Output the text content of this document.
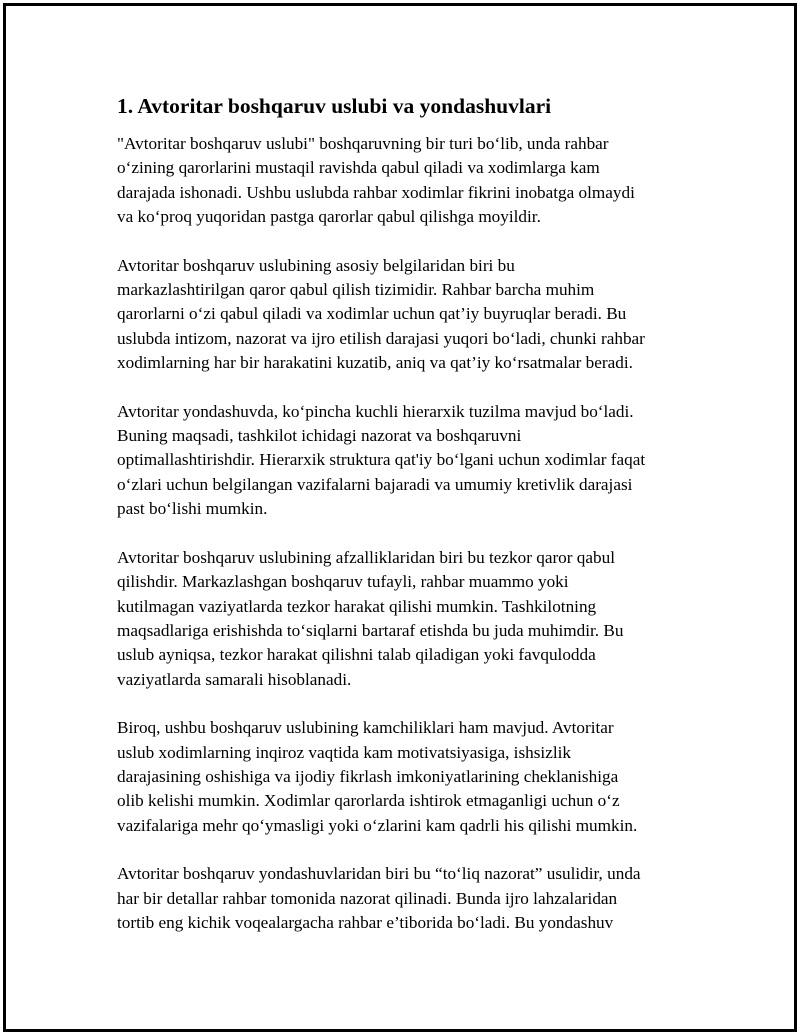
1. Avtoritar boshqaruv uslubi va yondashuvlari
"Avtoritar boshqaruv uslubi" boshqaruvning bir turi bo‘lib, unda rahbar
o‘zining qarorlarini mustaqil ravishda qabul qiladi va xodimlarga kam
darajada ishonadi. Ushbu uslubda rahbar xodimlar fikrini inobatga olmaydi
va ko‘proq yuqoridan pastga qarorlar qabul qilishga moyildir.
Avtoritar boshqaruv uslubining asosiy belgilaridan biri bu
markazlashtirilgan qaror qabul qilish tizimidir. Rahbar barcha muhim
qarorlarni o‘zi qabul qiladi va xodimlar uchun qat’iy buyruqlar beradi. Bu
uslubda intizom, nazorat va ijro etilish darajasi yuqori bo‘ladi, chunki rahbar
xodimlarning har bir harakatini kuzatib, aniq va qat’iy ko‘rsatmalar beradi.
Avtoritar yondashuvda, ko‘pincha kuchli hierarxik tuzilma mavjud bo‘ladi.
Buning maqsadi, tashkilot ichidagi nazorat va boshqaruvni
optimallashtirishdir. Hierarxik struktura qat'iy bo‘lgani uchun xodimlar faqat
o‘zlari uchun belgilangan vazifalarni bajaradi va umumiy kretivlik darajasi
past bo‘lishi mumkin.
Avtoritar boshqaruv uslubining afzalliklaridan biri bu tezkor qaror qabul
qilishdir. Markazlashgan boshqaruv tufayli, rahbar muammo yoki
kutilmagan vaziyatlarda tezkor harakat qilishi mumkin. Tashkilotning
maqsadlariga erishishda to‘siqlarni bartaraf etishda bu juda muhimdir. Bu
uslub ayniqsa, tezkor harakat qilishni talab qiladigan yoki favqulodda
vaziyatlarda samarali hisoblanadi.
Biroq, ushbu boshqaruv uslubining kamchiliklari ham mavjud. Avtoritar
uslub xodimlarning inqiroz vaqtida kam motivatsiyasiga, ishsizlik
darajasining oshishiga va ijodiy fikrlash imkoniyatlarining cheklanishiga
olib kelishi mumkin. Xodimlar qarorlarda ishtirok etmaganligi uchun o‘z
vazifalariga mehr qo‘ymasligi yoki o‘zlarini kam qadrli his qilishi mumkin.
Avtoritar boshqaruv yondashuvlaridan biri bu “to‘liq nazorat” usulidir, unda
har bir detallar rahbar tomonida nazorat qilinadi. Bunda ijro lahzalaridan
tortib eng kichik voqealargacha rahbar e’tiborida bo‘ladi. Bu yondashuv
